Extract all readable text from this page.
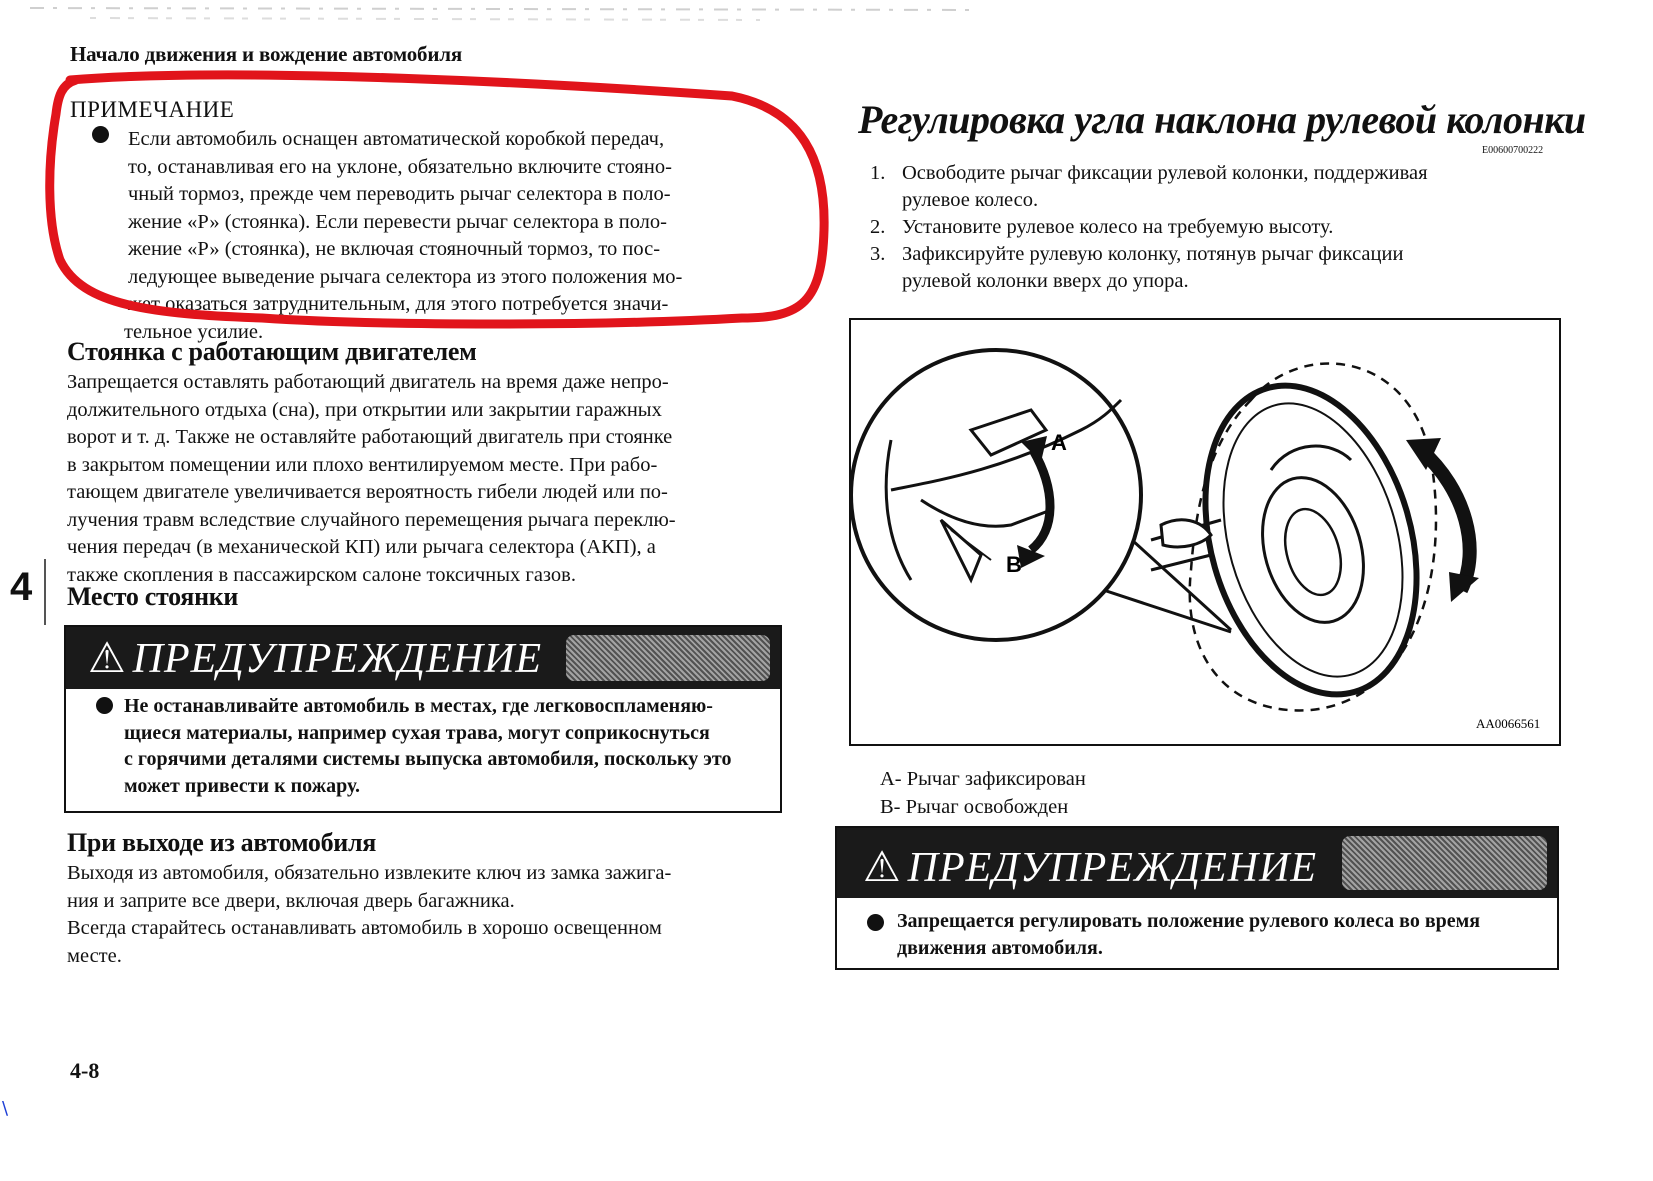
Начало движения и вождение автомобиля
ПРИМЕЧАНИЕ
Если автомобиль оснащен автоматической коробкой передач,
то, останавливая его на уклоне, обязательно включите стояно-
чный тормоз, прежде чем переводить рычаг селектора в поло-
жение «Р» (стоянка). Если перевести рычаг селектора в поло-
жение «Р» (стоянка), не включая стояночный тормоз, то пос-
ледующее выведение рычага селектора из этого положения мо-
жет оказаться затруднительным, для этого потребуется значи-
тельное усилие.
Стоянка с работающим двигателем
Запрещается оставлять работающий двигатель на время даже непро-
должительного отдыха (сна), при открытии или закрытии гаражных
ворот и т. д. Также не оставляйте работающий двигатель при стоянке
в закрытом помещении или плохо вентилируемом месте. При рабо-
тающем двигателе увеличивается вероятность гибели людей или по-
лучения травм вследствие случайного перемещения рычага переклю-
чения передач (в механической КП) или рычага селектора (АКП), а
также скопления в пассажирском салоне токсичных газов.
4 Место стоянки
⚠ ПРЕДУПРЕЖДЕНИЕ
Не останавливайте автомобиль в местах, где легковоспламеняю-
щиеся материалы, например сухая трава, могут соприкоснуться
с горячими деталями системы выпуска автомобиля, поскольку это
может привести к пожару.
При выходе из автомобиля
Выходя из автомобиля, обязательно извлеките ключ из замка зажига-
ния и заприте все двери, включая дверь багажника.
Всегда старайтесь останавливать автомобиль в хорошо освещенном
месте.
Регулировка угла наклона рулевой колонки
E00600700222
1. Освободите рычаг фиксации рулевой колонки, поддерживая
рулевое колесо.
2. Установите рулевое колесо на требуемую высоту.
3. Зафиксируйте рулевую колонку, потянув рычаг фиксации
рулевой колонки вверх до упора.
A
B
AA0066561
A- Рычаг зафиксирован
B- Рычаг освобожден
⚠ ПРЕДУПРЕЖДЕНИЕ
Запрещается регулировать положение рулевого колеса во время
движения автомобиля.
4-8
\
